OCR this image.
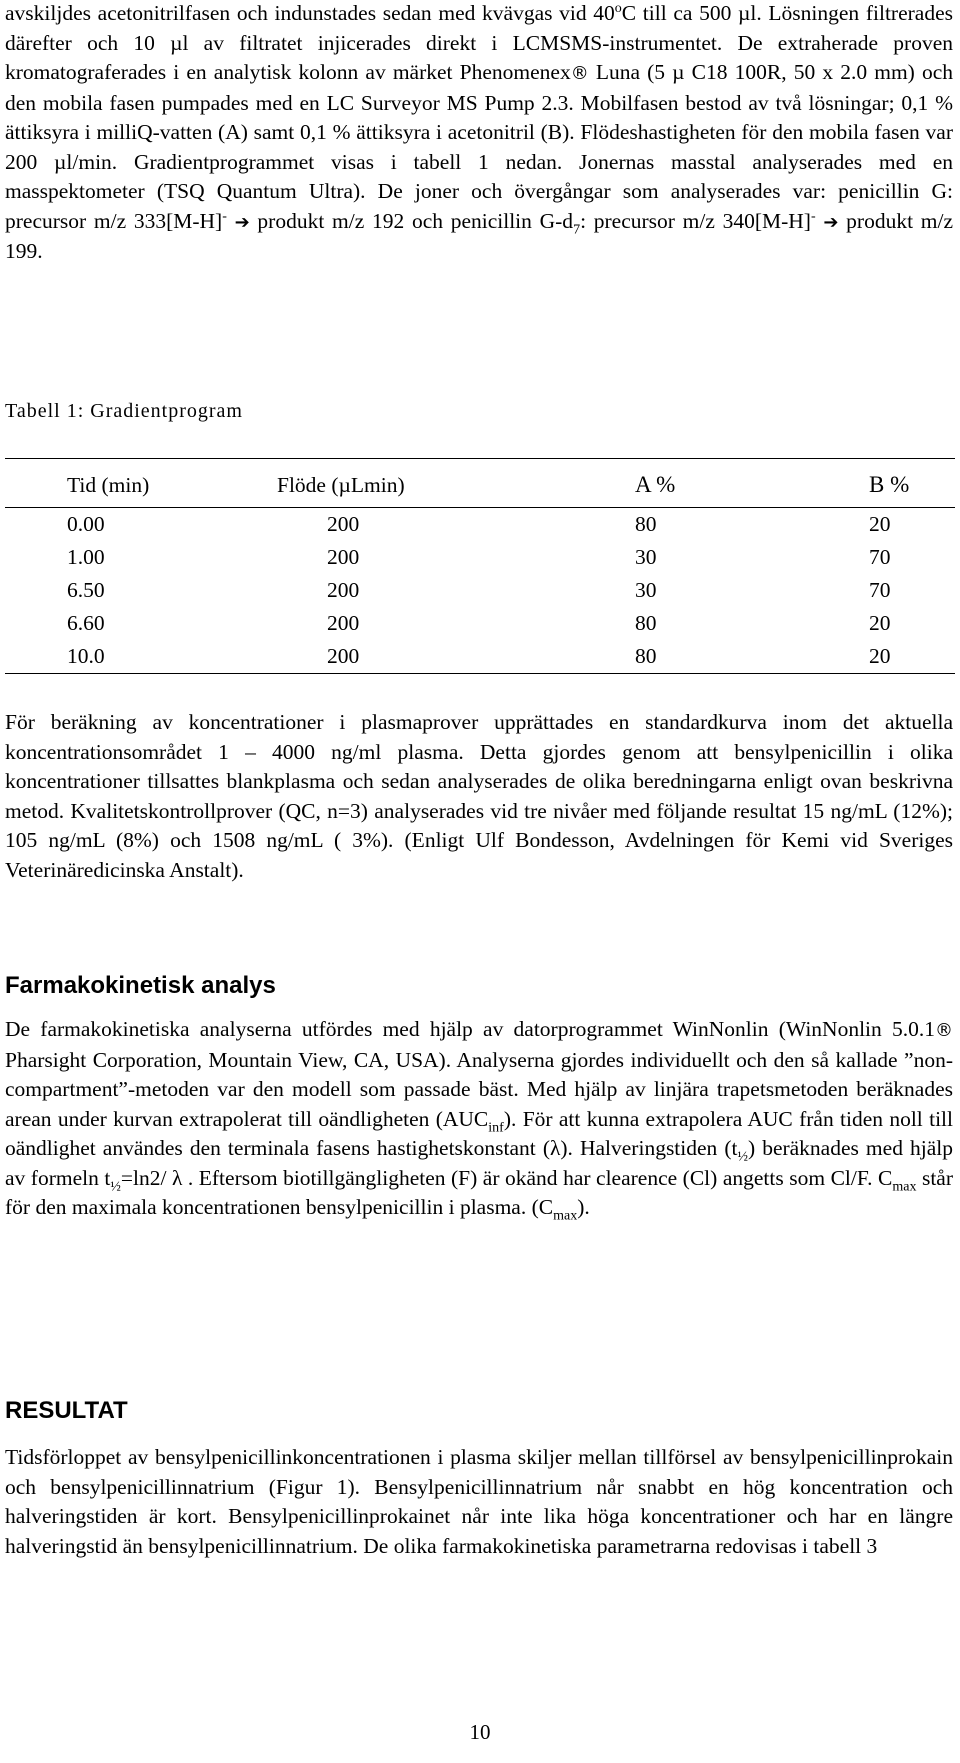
avskiljdes acetonitrilfasen och indunstades sedan med kvävgas vid 40$^o$C till ca 500 µl. Lösningen filtrerades därefter och 10 µl av filtratet injicerades direkt i LCMSMS-instrumentet. De extraherade proven kromatograferades i en analytisk kolonn av märket Phenomenex® Luna (5 µ C18 100R, 50 x 2.0 mm) och den mobila fasen pumpades med en LC Surveyor MS Pump 2.3. Mobilfasen bestod av två lösningar; 0,1 % ättiksyra i milliQ-vatten (A) samt 0,1 % ättiksyra i acetonitril (B). Flödeshastigheten för den mobila fasen var 200 µl/min. Gradientprogrammet visas i tabell 1 nedan. Jonernas masstal analyserades med en masspektometer (TSQ Quantum Ultra). De joner och övergångar som analyserades var: penicillin G: precursor m/z 333[M-H]- ➔ produkt m/z 192 och penicillin $G-d_7$: precursor m/z 340[M-H]- ➔ produkt m/z 199.

Tabell 1: Gradientprogram
Tid (min)	Flöde (µLmin)	A %	B %
0.00	200	80	20
1.00	200	30	70
6.50	200	30	70
6.60	200	80	20
10.0	200	80	20

För beräkning av koncentrationer i plasmaprover upprättades en standardkurva inom det aktuella koncentrationsområdet 1 – 4000 ng/ml plasma. Detta gjordes genom att bensylpenicillin i olika koncentrationer tillsattes blankplasma och sedan analyserades de olika beredningarna enligt ovan beskrivna metod. Kvalitetskontrollprover (QC, n=3) analyserades vid tre nivåer med följande resultat 15 ng/mL (12%); 105 ng/mL (8%) och 1508 ng/mL ( 3%). (Enligt Ulf Bondesson, Avdelningen för Kemi vid Sveriges Veterinäredicinska Anstalt).

Farmakokinetisk analys

De farmakokinetiska analyserna utfördes med hjälp av datorprogrammet WinNonlin (WinNonlin 5.0.1® Pharsight Corporation, Mountain View, CA, USA). Analyserna gjordes individuellt och den så kallade ”non-compartment”-metoden var den modell som passade bäst. Med hjälp av linjära trapetsmetoden beräknades arean under kurvan extrapolerat till oändligheten $(AUC_{inf})$. För att kunna extrapolera AUC från tiden noll till oändlighet användes den terminala fasens hastighetskonstant (λ). Halveringstiden $(t_{\frac{1}{2}})$ beräknades med hjälp av formeln $t_{\frac{1}{2}}=\ln 2/$ λ . Eftersom biotillgängligheten (F) är okänd har clearence (Cl) angetts som Cl/F. $C_{max}$ står för den maximala koncentrationen bensylpenicillin i plasma. $(C_{max})$.

RESULTAT

Tidsförloppet av bensylpenicillinkoncentrationen i plasma skiljer mellan tillförsel av bensylpenicillinprokain och bensylpenicillinnatrium (Figur 1). Bensylpenicillinnatrium når snabbt en hög koncentration och halveringstiden är kort. Bensylpenicillinprokainet når inte lika höga koncentrationer och har en längre halveringstid än bensylpenicillinnatrium. De olika farmakokinetiska parametrarna redovisas i tabell 3

10
